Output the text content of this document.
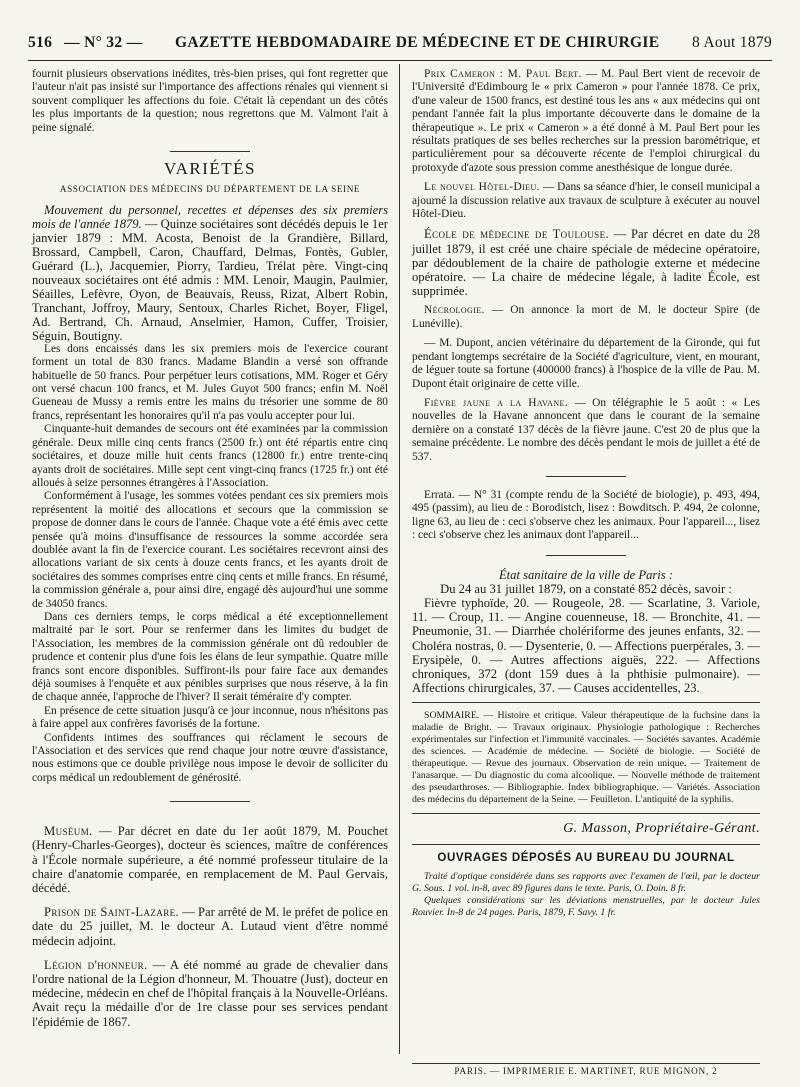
516 — N° 32 —	GAZETTE HEBDOMADAIRE DE MÉDECINE ET DE CHIRURGIE	8 Aout 1879

fournit plusieurs observations inédites, très-bien prises, qui font regretter que l'auteur n'ait pas insisté sur l'importance des affections rénales qui viennent si souvent compliquer les affections du foie. C'était là cependant un des côtés les plus importants de la question; nous regrettons que M. Valmont l'ait à peine signalé.

VARIÉTÉS
ASSOCIATION DES MÉDECINS DU DÉPARTEMENT DE LA SEINE

Mouvement du personnel, recettes et dépenses des six premiers mois de l'année 1879. — Quinze sociétaires sont décédés depuis le 1er janvier 1879 : MM. Acosta, Benoist de la Grandière, Billard, Brossard, Campbell, Caron, Chauffard, Delmas, Fontès, Gubler, Guérard (L.), Jacquemier, Piorry, Tardieu, Trélat père. Vingt-cinq nouveaux sociétaires ont été admis : MM. Lenoir, Maugin, Paulmier, Séailles, Lefèvre, Oyon, de Beauvais, Reuss, Rizat, Albert Robin, Tranchant, Joffroy, Maury, Sentoux, Charles Richet, Boyer, Fligel, Ad. Bertrand, Ch. Arnaud, Anselmier, Hamon, Cuffer, Troisier, Séguin, Boutigny.

Les dons encaissés dans les six premiers mois de l'exercice courant forment un total de 830 francs. Madame Blandin a versé son offrande habituelle de 50 francs. Pour perpétuer leurs cotisations, MM. Roger et Géry ont versé chacun 100 francs, et M. Jules Guyot 500 francs; enfin M. Noël Gueneau de Mussy a remis entre les mains du trésorier une somme de 80 francs, représentant les honoraires qu'il n'a pas voulu accepter pour lui.

Cinquante-huit demandes de secours ont été examinées par la commission générale. Deux mille cinq cents francs (2500 fr.) ont été répartis entre cinq sociétaires, et douze mille huit cents francs (12800 fr.) entre trente-cinq ayants droit de sociétaires. Mille sept cent vingt-cinq francs (1725 fr.) ont été alloués à seize personnes étrangères à l'Association.

Conformément à l'usage, les sommes votées pendant ces six premiers mois représentent la moitié des allocations et secours que la commission se propose de donner dans le cours de l'année. Chaque vote a été émis avec cette pensée qu'à moins d'insuffisance de ressources la somme accordée sera doublée avant la fin de l'exercice courant. Les sociétaires recevront ainsi des allocations variant de six cents à douze cents francs, et les ayants droit de sociétaires des sommes comprises entre cinq cents et mille francs. En résumé, la commission générale a, pour ainsi dire, engagé dès aujourd'hui une somme de 34050 francs.

Dans ces derniers temps, le corps médical a été exceptionnellement maltraité par le sort. Pour se renfermer dans les limites du budget de l'Association, les membres de la commission générale ont dû redoubler de prudence et contenir plus d'une fois les élans de leur sympathie. Quatre mille francs sont encore disponibles. Suffiront-ils pour faire face aux demandes déjà soumises à l'enquête et aux pénibles surprises que nous réserve, à la fin de chaque année, l'approche de l'hiver? Il serait téméraire d'y compter.

En présence de cette situation jusqu'à ce jour inconnue, nous n'hésitons pas à faire appel aux confrères favorisés de la fortune.

Confidents intimes des souffrances qui réclament le secours de l'Association et des services que rend chaque jour notre œuvre d'assistance, nous estimons que ce double privilège nous impose le devoir de solliciter du corps médical un redoublement de générosité.

Muséum. — Par décret en date du 1er août 1879, M. Pouchet (Henry-Charles-Georges), docteur ès sciences, maître de conférences à l'École normale supérieure, a été nommé professeur titulaire de la chaire d'anatomie comparée, en remplacement de M. Paul Gervais, décédé.

Prison de Saint-Lazare. — Par arrêté de M. le préfet de police en date du 25 juillet, M. le docteur A. Lutaud vient d'être nommé médecin adjoint.

Légion d'honneur. — A été nommé au grade de chevalier dans l'ordre national de la Légion d'honneur, M. Thouatre (Just), docteur en médecine, médecin en chef de l'hôpital français à la Nouvelle-Orléans. Avait reçu la médaille d'or de 1re classe pour ses services pendant l'épidémie de 1867.

Prix Cameron : M. Paul Bert. — M. Paul Bert vient de recevoir de l'Université d'Edimbourg le « prix Cameron » pour l'année 1878. Ce prix, d'une valeur de 1500 francs, est destiné tous les ans « aux médecins qui ont pendant l'année fait la plus importante découverte dans le domaine de la thérapeutique ». Le prix « Cameron » a été donné à M. Paul Bert pour les résultats pratiques de ses belles recherches sur la pression barométrique, et particulièrement pour sa découverte récente de l'emploi chirurgical du protoxyde d'azote sous pression comme anesthésique de longue durée.

Le nouvel Hôtel-Dieu. — Dans sa séance d'hier, le conseil municipal a ajourné la discussion relative aux travaux de sculpture à exécuter au nouvel Hôtel-Dieu.

École de médecine de Toulouse. — Par décret en date du 28 juillet 1879, il est créé une chaire spéciale de médecine opératoire, par dédoublement de la chaire de pathologie externe et médecine opératoire. — La chaire de médecine légale, à ladite École, est supprimée.

Nécrologie. — On annonce la mort de M. le docteur Spire (de Lunéville).

— M. Dupont, ancien vétérinaire du département de la Gironde, qui fut pendant longtemps secrétaire de la Société d'agriculture, vient, en mourant, de léguer toute sa fortune (400000 francs) à l'hospice de la ville de Pau. M. Dupont était originaire de cette ville.

Fièvre jaune a la Havane. — On télégraphie le 5 août : « Les nouvelles de la Havane annoncent que dans le courant de la semaine dernière on a constaté 137 décès de la fièvre jaune. C'est 20 de plus que la semaine précédente. Le nombre des décès pendant le mois de juillet a été de 537.

Errata. — N° 31 (compte rendu de la Société de biologie), p. 493, 494, 495 (passim), au lieu de : Borodistch, lisez : Bowditsch. P. 494, 2e colonne, ligne 63, au lieu de : ceci s'observe chez les animaux. Pour l'appareil..., lisez : ceci s'observe chez les animaux dont l'appareil...

État sanitaire de la ville de Paris :

Du 24 au 31 juillet 1879, on a constaté 852 décès, savoir :

Fièvre typhoïde, 20. — Rougeole, 28. — Scarlatine, 3. Variole, 11. — Croup, 11. — Angine couenneuse, 18. — Bronchite, 41. — Pneumonie, 31. — Diarrhée cholériforme des jeunes enfants, 32. — Choléra nostras, 0. — Dysenterie, 0. — Affections puerpérales, 3. — Erysipèle, 0. — Autres affections aiguës, 222. — Affections chroniques, 372 (dont 159 dues à la phthisie pulmonaire). — Affections chirurgicales, 37. — Causes accidentelles, 23.

SOMMAIRE. — Histoire et critique. Valeur thérapeutique de la fuchsine dans la maladie de Bright. — Travaux originaux. Physiologie pathologique : Recherches expérimentales sur l'infection et l'immunité vaccinales. — Sociétés savantes. Académie des sciences. — Académie de médecine. — Société de biologie. — Société de thérapeutique. — Revue des journaux. Observation de rein unique. — Traitement de l'anasarque. — Du diagnostic du coma alcoolique. — Nouvelle méthode de traitement des pseudarthroses. — Bibliographie. Index bibliographique. — Variétés. Association des médecins du département de la Seine. — Feuilleton. L'antiquité de la syphilis.

G. Masson, Propriétaire-Gérant.
OUVRAGES DÉPOSÉS AU BUREAU DU JOURNAL

Traité d'optique considérée dans ses rapports avec l'examen de l'œil, par le docteur G. Sous. 1 vol. in-8, avec 89 figures dans le texte. Paris, O. Doin. 8 fr.

Quelques considérations sur les déviations menstruelles, par le docteur Jules Rouvier. In-8 de 24 pages. Paris, 1879, F. Savy. 1 fr.

PARIS. — IMPRIMERIE E. MARTINET, RUE MIGNON, 2
